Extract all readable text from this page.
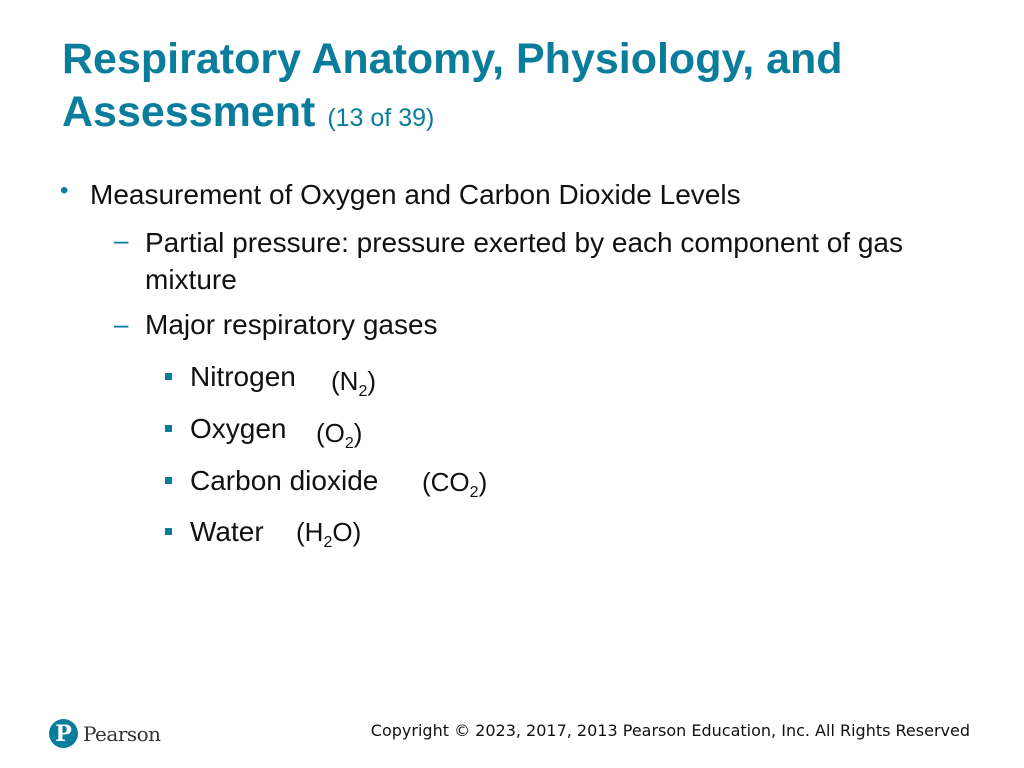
Respiratory Anatomy, Physiology, and Assessment (13 of 39)
• Measurement of Oxygen and Carbon Dioxide Levels
– Partial pressure: pressure exerted by each component of gas mixture
– Major respiratory gases
Nitrogen $(N_2)$
Oxygen $(O_2)$
Carbon dioxide $(CO_2)$
Water $(H_2O)$
P Pearson	Copyright © 2023, 2017, 2013 Pearson Education, Inc. All Rights Reserved
